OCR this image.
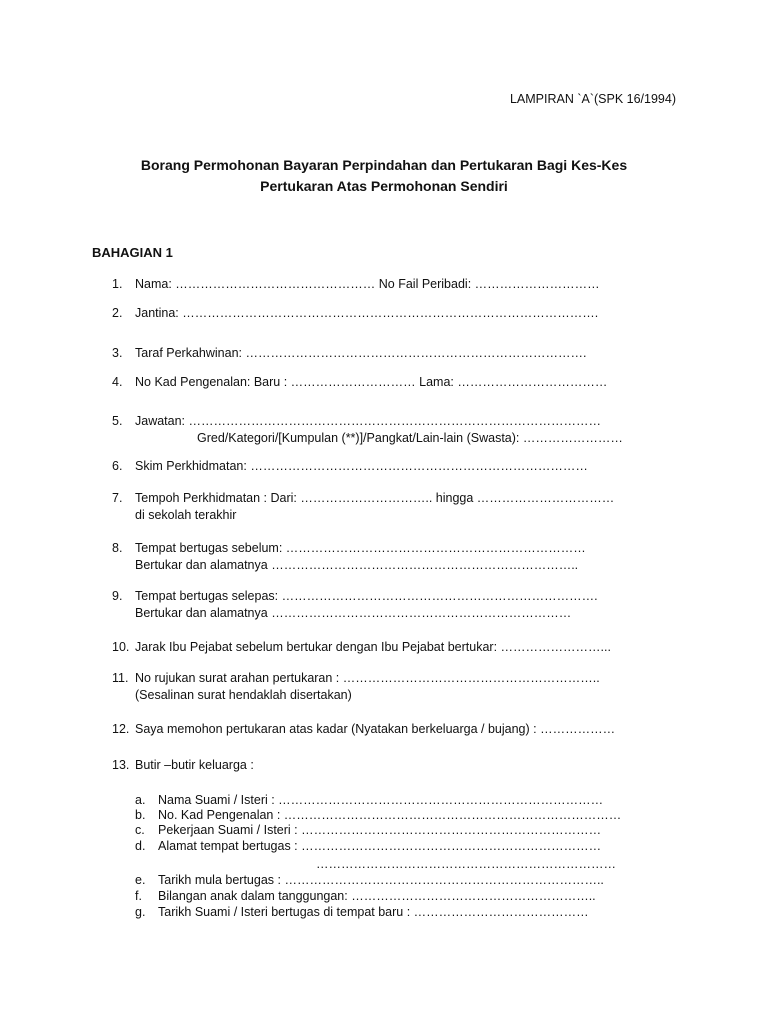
LAMPIRAN `A`(SPK 16/1994)
Borang Permohonan Bayaran Perpindahan dan Pertukaran Bagi Kes-Kes
Pertukaran Atas Permohonan Sendiri
BAHAGIAN 1
1. Nama: ………………………………………… No Fail Peribadi: …………………………
2. Jantina: ……………………………………………………………………………………….
3. Taraf Perkahwinan: ……………………………………………………………………….
4. No Kad Pengenalan: Baru : ………………………… Lama: ………………………………
5. Jawatan: ………………………………………………………………………………………
Gred/Kategori/[Kumpulan (**)]/Pangkat/Lain-lain (Swasta): ……………………
6. Skim Perkhidmatan: ………………………………………………………………………
7. Tempoh Perkhidmatan : Dari: ………………………….. hingga ……………………………
di sekolah terakhir
8. Tempat bertugas sebelum: ………………………………………………………………
Bertukar dan alamatnya ………………………………………………………………..
9. Tempat bertugas selepas: ………………………………………………………………….
Bertukar dan alamatnya ………………………………………………………………
10. Jarak Ibu Pejabat sebelum bertukar dengan Ibu Pejabat bertukar: ……………………...
11. No rujukan surat arahan pertukaran : ……………………………………………………..
(Sesalinan surat hendaklah disertakan)
12. Saya memohon pertukaran atas kadar (Nyatakan berkeluarga / bujang) : ………………
13. Butir –butir keluarga :
a. Nama Suami / Isteri : ……………………………………………………………………
b. No. Kad Pengenalan : ………………………………………………………………………
c. Pekerjaan Suami / Isteri : ………………………………………………………………
d. Alamat tempat bertugas : ………………………………………………………………
………………………………………………………………
e. Tarikh mula bertugas : …………………………………………………………………..
f. Bilangan anak dalam tanggungan: …………………………………………………..
g. Tarikh Suami / Isteri bertugas di tempat baru : ……………………………………
